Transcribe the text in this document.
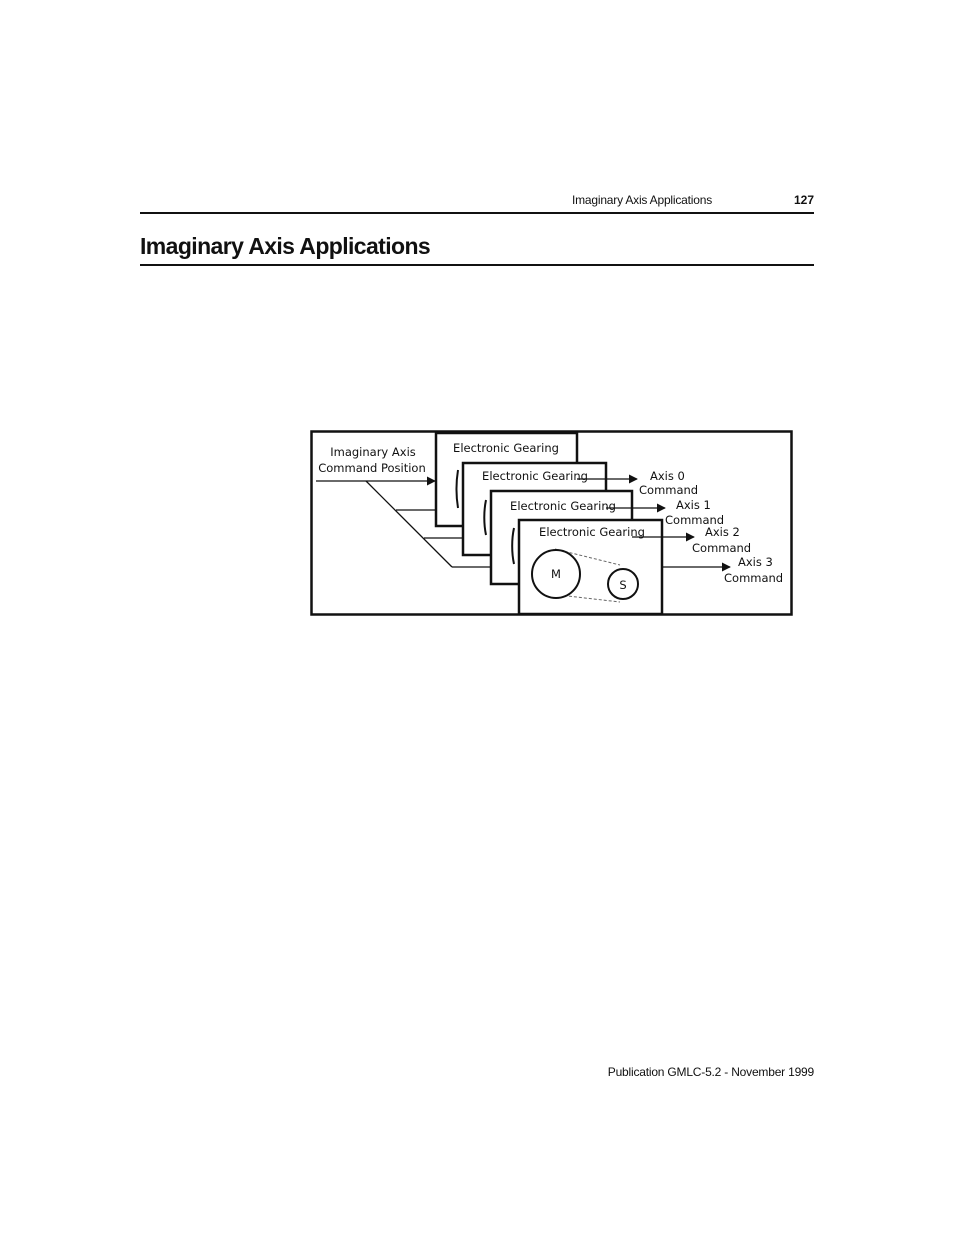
Imaginary Axis Applications	127
Imaginary Axis Applications
Imaginary Axis
Command Position
Electronic Gearing
Electronic Gearing
Electronic Gearing
Electronic Gearing
M
S
Axis 0
Command
Axis 1
Command
Axis 2
Command
Axis 3
Command
Publication GMLC-5.2 - November 1999
